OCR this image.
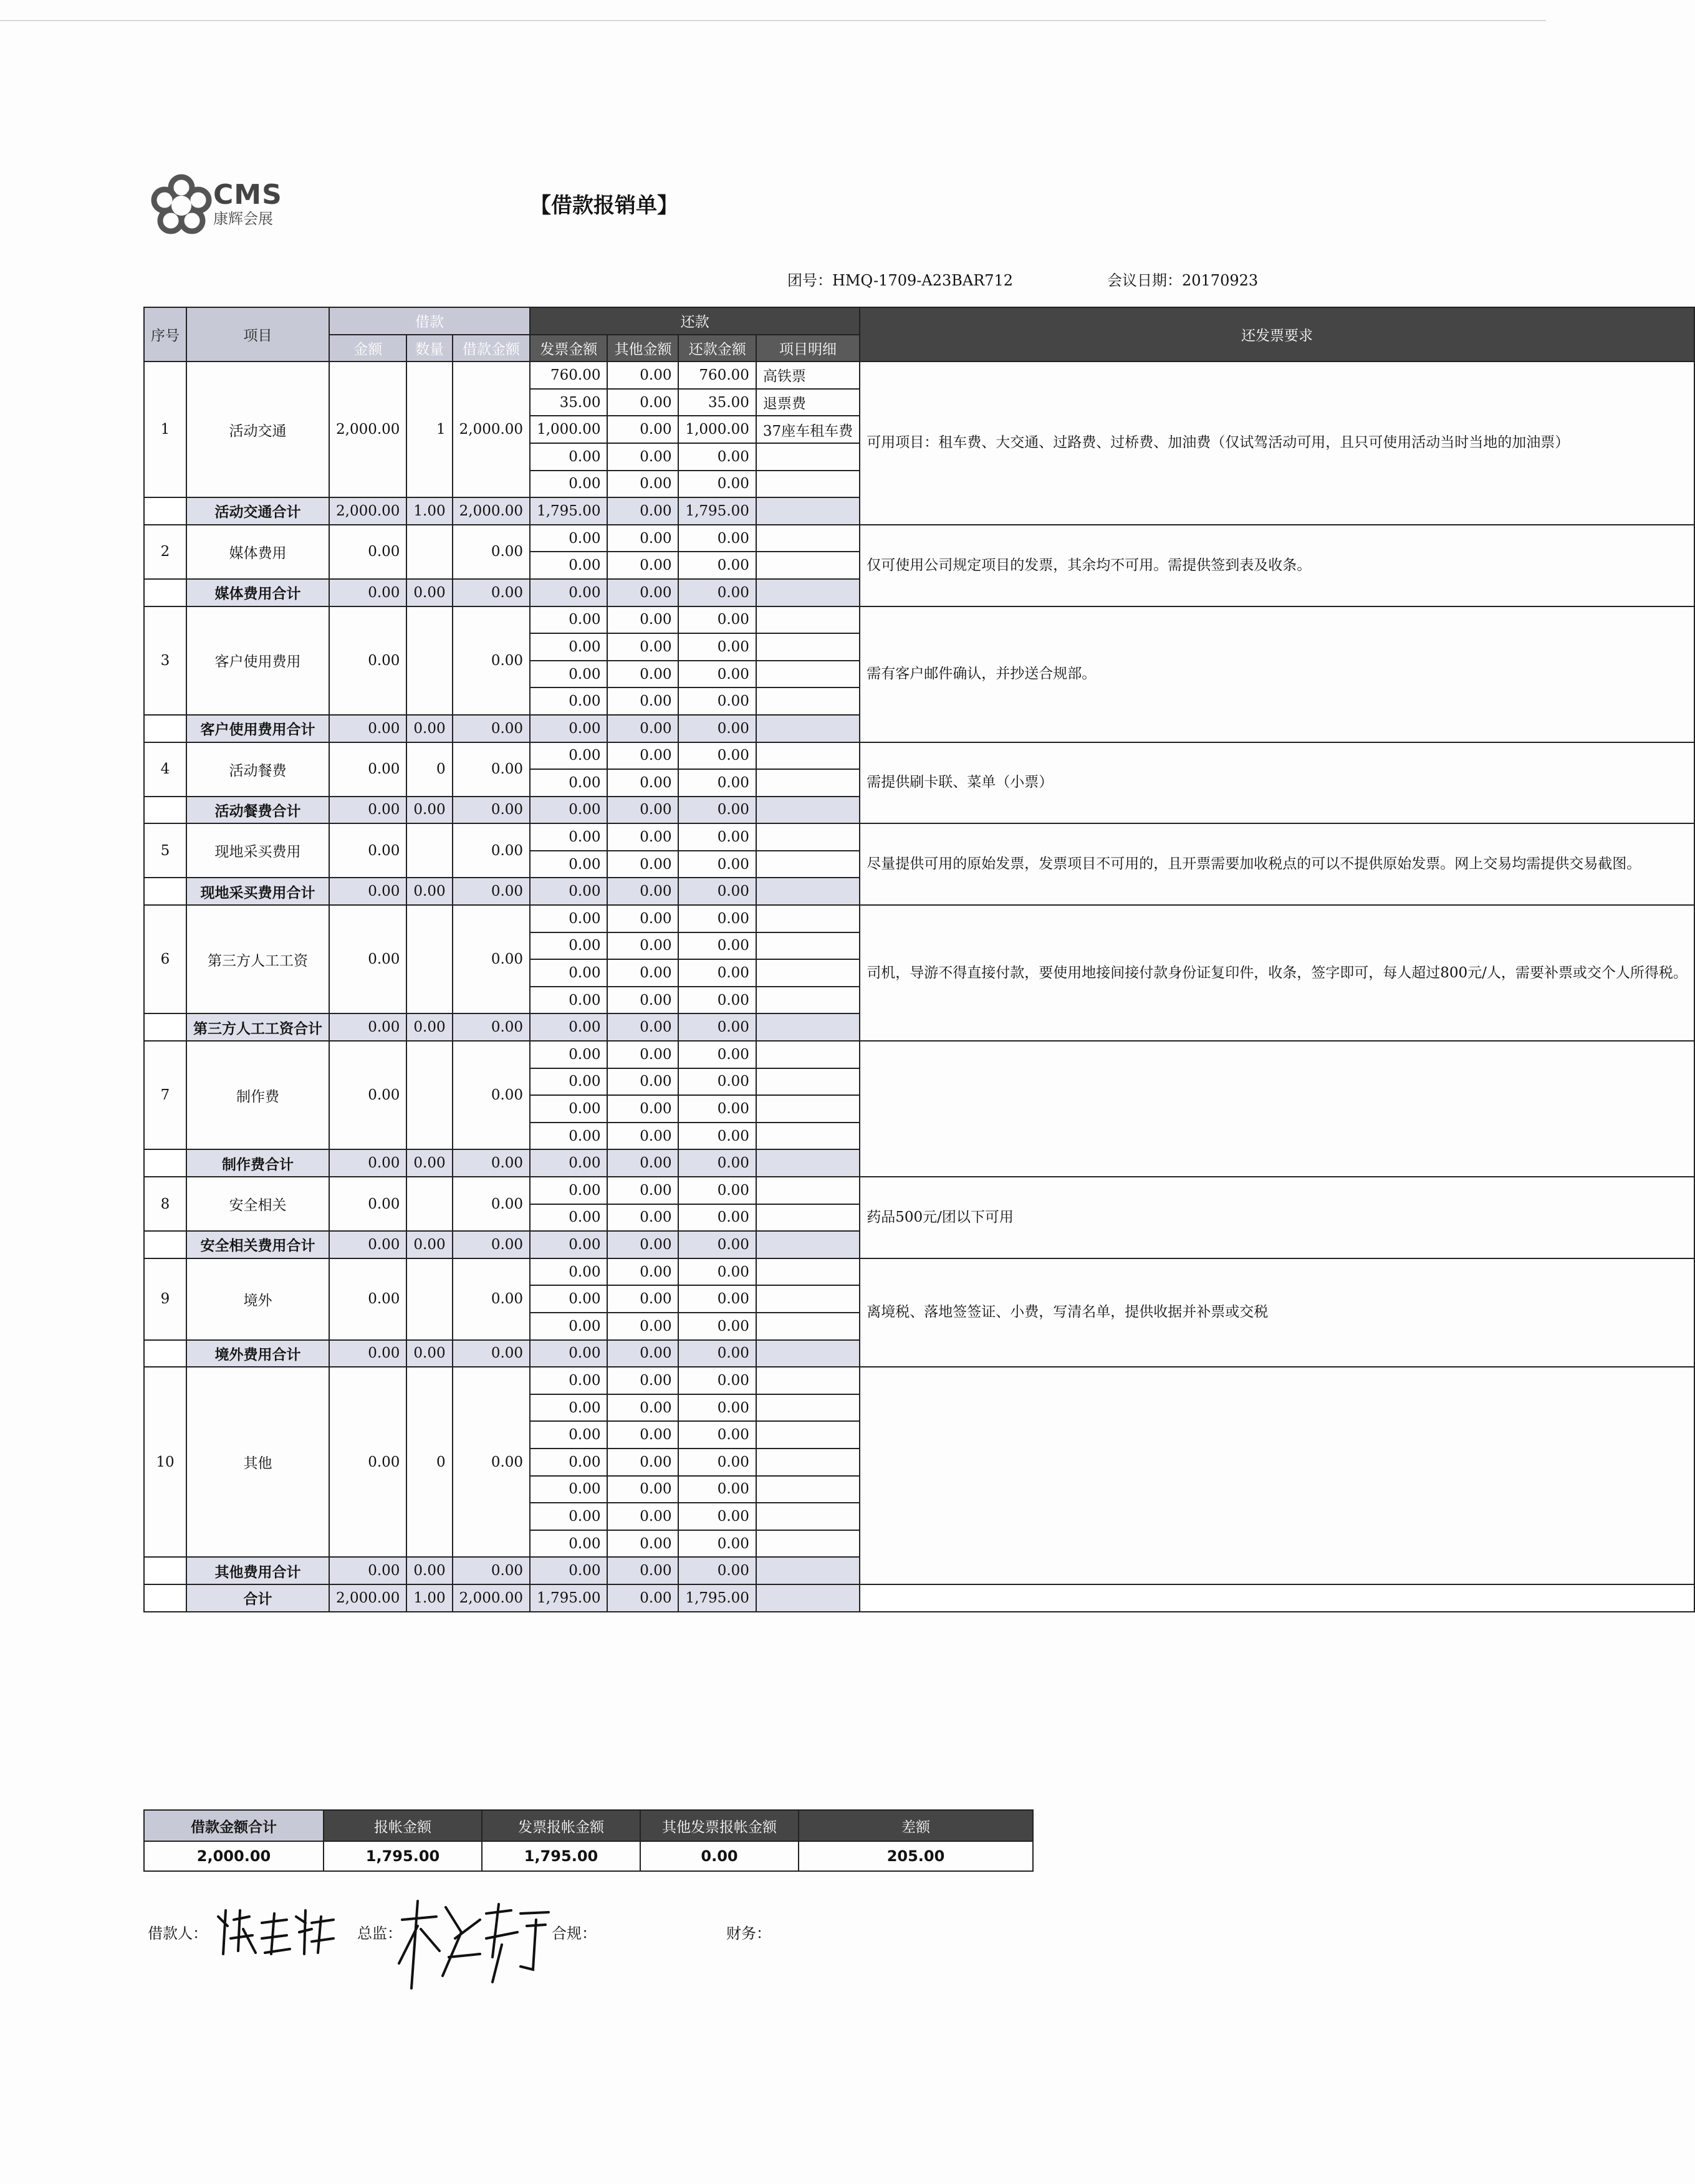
CMS
康辉会展
【借款报销单】
团号：HMQ-1709-A23BAR712	会议日期：20170923
序号	项目	借款			还款				还发票要求
		金额	数量	借款金额	发票金额	其他金额	还款金额	项目明细	
1	活动交通	2,000.00	1	2,000.00	760.00	0.00	760.00	高铁票	可用项目：租车费、大交通、过路费、过桥费、加油费（仅试驾活动可用，且只可使用活动当时当地的加油票）
					35.00	0.00	35.00	退票费	
					1,000.00	0.00	1,000.00	37座车租车费	
					0.00	0.00	0.00		
					0.00	0.00	0.00		
	活动交通合计	2,000.00	1.00	2,000.00	1,795.00	0.00	1,795.00		
2	媒体费用	0.00		0.00	0.00	0.00	0.00		仅可使用公司规定项目的发票，其余均不可用。需提供签到表及收条。
					0.00	0.00	0.00		
	媒体费用合计	0.00	0.00	0.00	0.00	0.00	0.00		
3	客户使用费用	0.00		0.00	0.00	0.00	0.00		需有客户邮件确认，并抄送合规部。
					0.00	0.00	0.00		
					0.00	0.00	0.00		
					0.00	0.00	0.00		
	客户使用费用合计	0.00	0.00	0.00	0.00	0.00	0.00		
4	活动餐费	0.00	0	0.00	0.00	0.00	0.00		需提供刷卡联、菜单（小票）
					0.00	0.00	0.00		
	活动餐费合计	0.00	0.00	0.00	0.00	0.00	0.00		
5	现地采买费用	0.00		0.00	0.00	0.00	0.00		尽量提供可用的原始发票，发票项目不可用的，且开票需要加收税点的可以不提供原始发票。网上交易均需提供交易截图。
					0.00	0.00	0.00		
	现地采买费用合计	0.00	0.00	0.00	0.00	0.00	0.00		
6	第三方人工工资	0.00		0.00	0.00	0.00	0.00		司机，导游不得直接付款，要使用地接间接付款身份证复印件，收条，签字即可，每人超过800元/人，需要补票或交个人所得税。
					0.00	0.00	0.00		
					0.00	0.00	0.00		
					0.00	0.00	0.00		
	第三方人工工资合计	0.00	0.00	0.00	0.00	0.00	0.00		
7	制作费	0.00		0.00	0.00	0.00	0.00		
					0.00	0.00	0.00		
					0.00	0.00	0.00		
					0.00	0.00	0.00		
	制作费合计	0.00	0.00	0.00	0.00	0.00	0.00		
8	安全相关	0.00		0.00	0.00	0.00	0.00		药品500元/团以下可用
					0.00	0.00	0.00		
	安全相关费用合计	0.00	0.00	0.00	0.00	0.00	0.00		
9	境外	0.00		0.00	0.00	0.00	0.00		离境税、落地签签证、小费，写清名单，提供收据并补票或交税
					0.00	0.00	0.00		
					0.00	0.00	0.00		
	境外费用合计	0.00	0.00	0.00	0.00	0.00	0.00		
10	其他	0.00	0	0.00	0.00	0.00	0.00		
					0.00	0.00	0.00		
					0.00	0.00	0.00		
					0.00	0.00	0.00		
					0.00	0.00	0.00		
					0.00	0.00	0.00		
					0.00	0.00	0.00		
	其他费用合计	0.00	0.00	0.00	0.00	0.00	0.00		
	合计	2,000.00	1.00	2,000.00	1,795.00	0.00	1,795.00		
借款金额合计	报帐金额	发票报帐金额	其他发票报帐金额	差额
2,000.00	1,795.00	1,795.00	0.00	205.00
借款人：
陈玉珠
总监：
杨俊宇
合规：	财务：
